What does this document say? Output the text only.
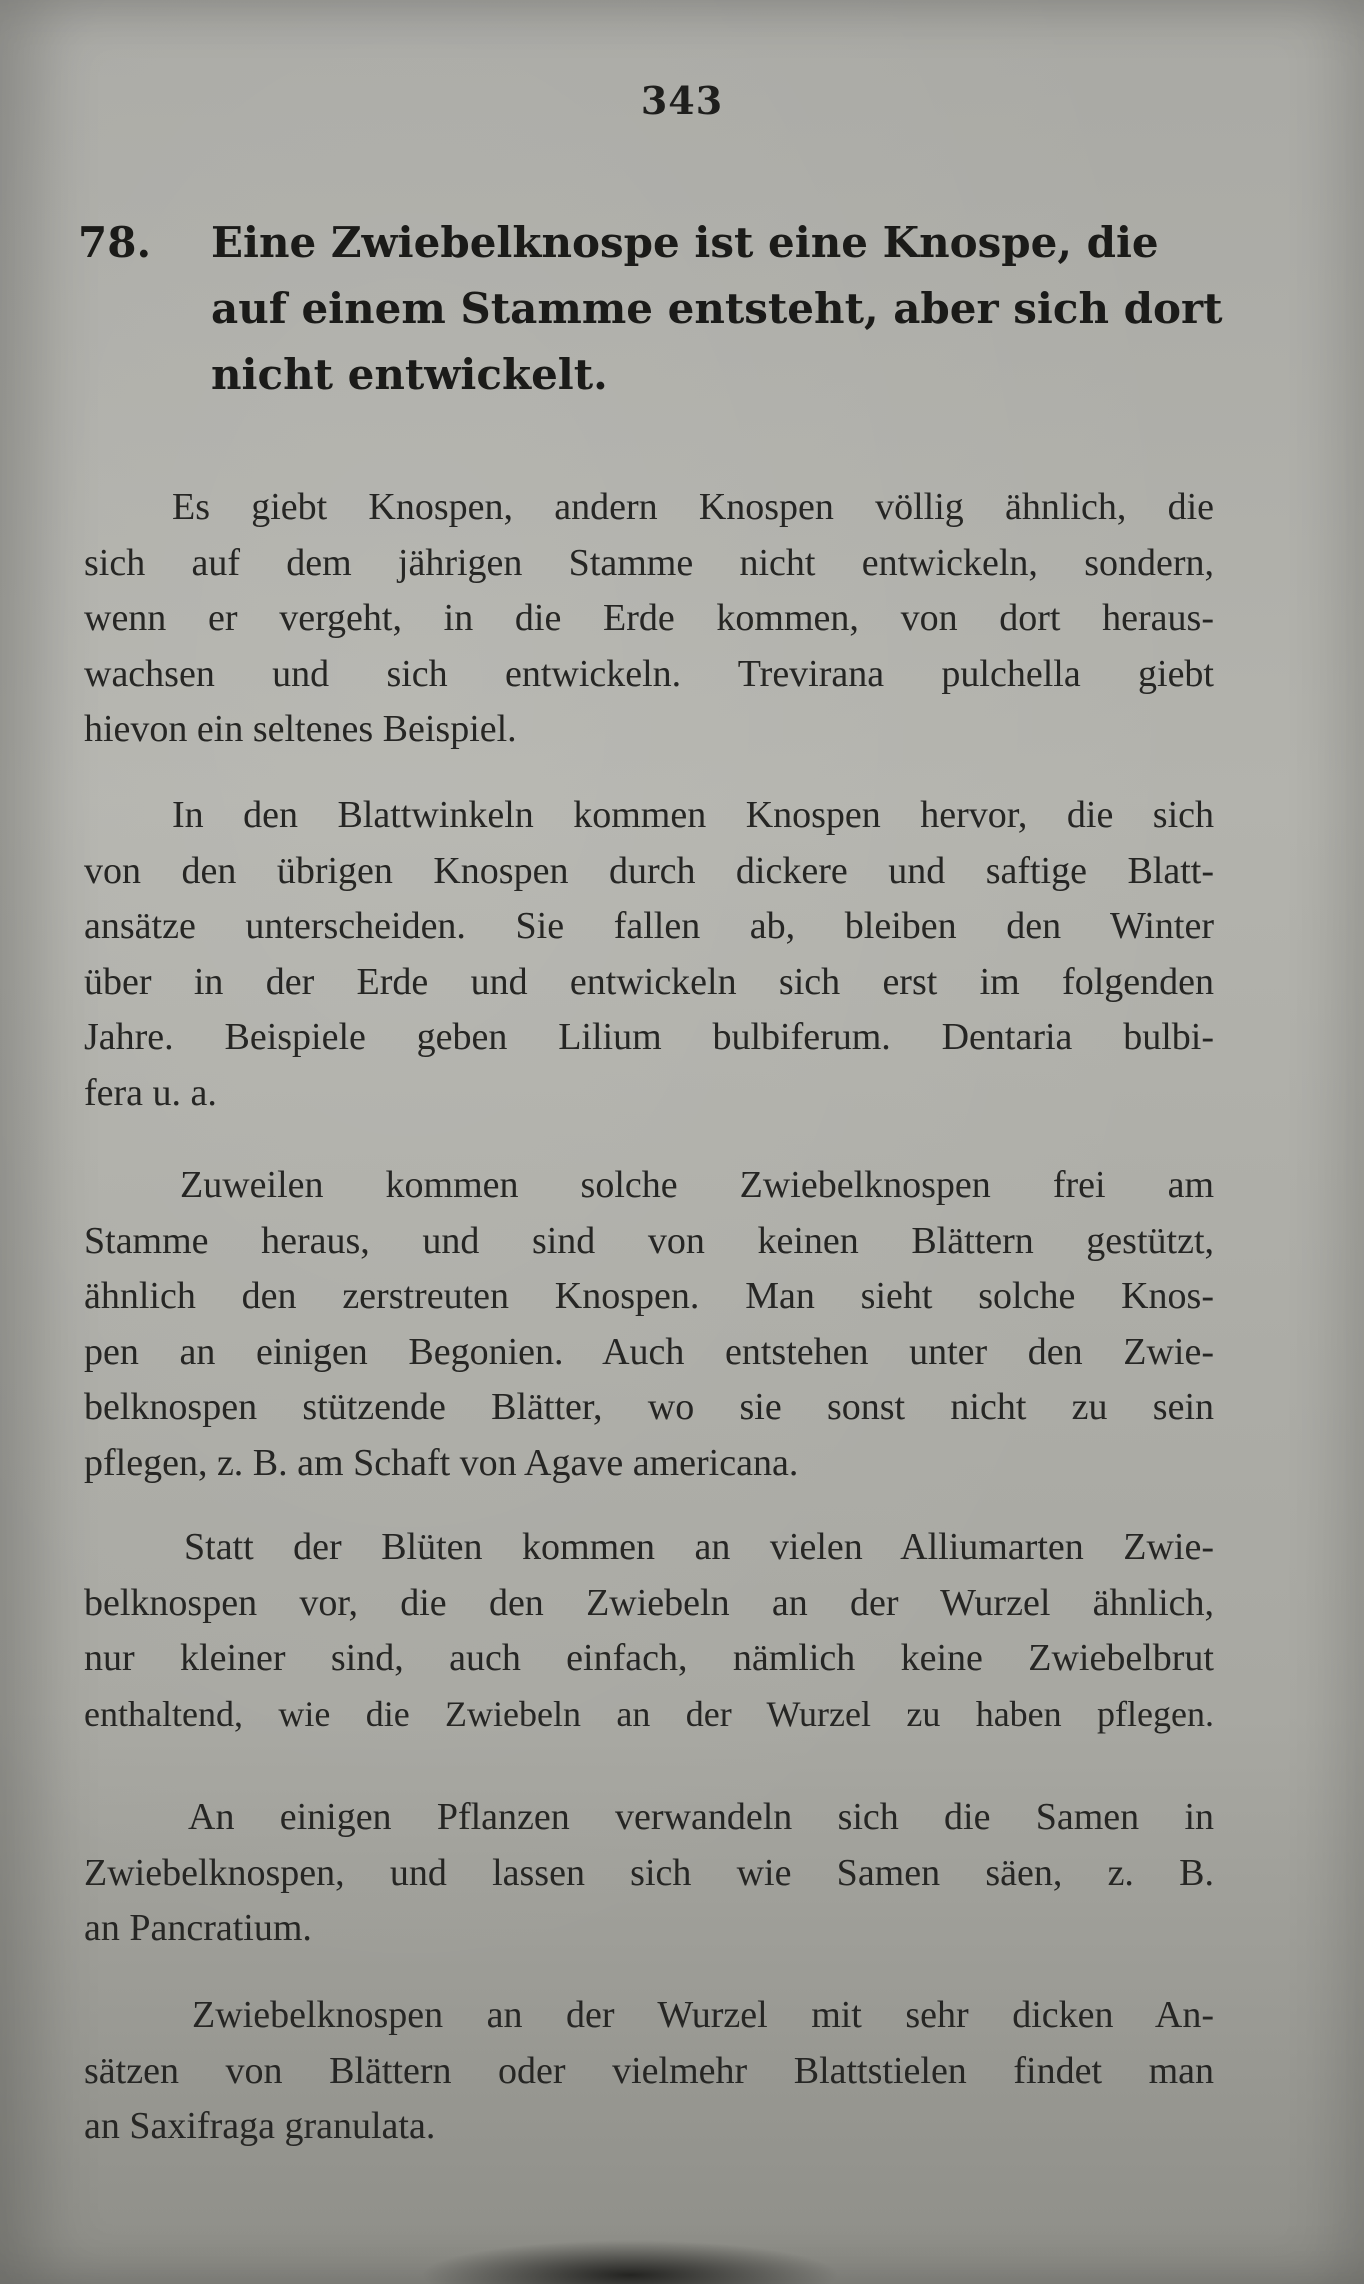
343
78. Eine Zwiebelknospe ist eine Knospe, die auf einem Stamme entsteht, aber sich dort nicht entwickelt.
Es giebt Knospen, andern Knospen völlig ähnlich, die
sich auf dem jährigen Stamme nicht entwickeln, sondern,
wenn er vergeht, in die Erde kommen, von dort heraus-
wachsen und sich entwickeln. Trevirana pulchella giebt
hievon ein seltenes Beispiel.
In den Blattwinkeln kommen Knospen hervor, die sich
von den übrigen Knospen durch dickere und saftige Blatt-
ansätze unterscheiden. Sie fallen ab, bleiben den Winter
über in der Erde und entwickeln sich erst im folgenden
Jahre. Beispiele geben Lilium bulbiferum. Dentaria bulbi-
fera u. a.
Zuweilen kommen solche Zwiebelknospen frei am
Stamme heraus, und sind von keinen Blättern gestützt,
ähnlich den zerstreuten Knospen. Man sieht solche Knos-
pen an einigen Begonien. Auch entstehen unter den Zwie-
belknospen stützende Blätter, wo sie sonst nicht zu sein
pflegen, z. B. am Schaft von Agave americana.
Statt der Blüten kommen an vielen Alliumarten Zwie-
belknospen vor, die den Zwiebeln an der Wurzel ähnlich,
nur kleiner sind, auch einfach, nämlich keine Zwiebelbrut
enthaltend, wie die Zwiebeln an der Wurzel zu haben pflegen.
An einigen Pflanzen verwandeln sich die Samen in
Zwiebelknospen, und lassen sich wie Samen säen, z. B.
an Pancratium.
Zwiebelknospen an der Wurzel mit sehr dicken An-
sätzen von Blättern oder vielmehr Blattstielen findet man
an Saxifraga granulata.
